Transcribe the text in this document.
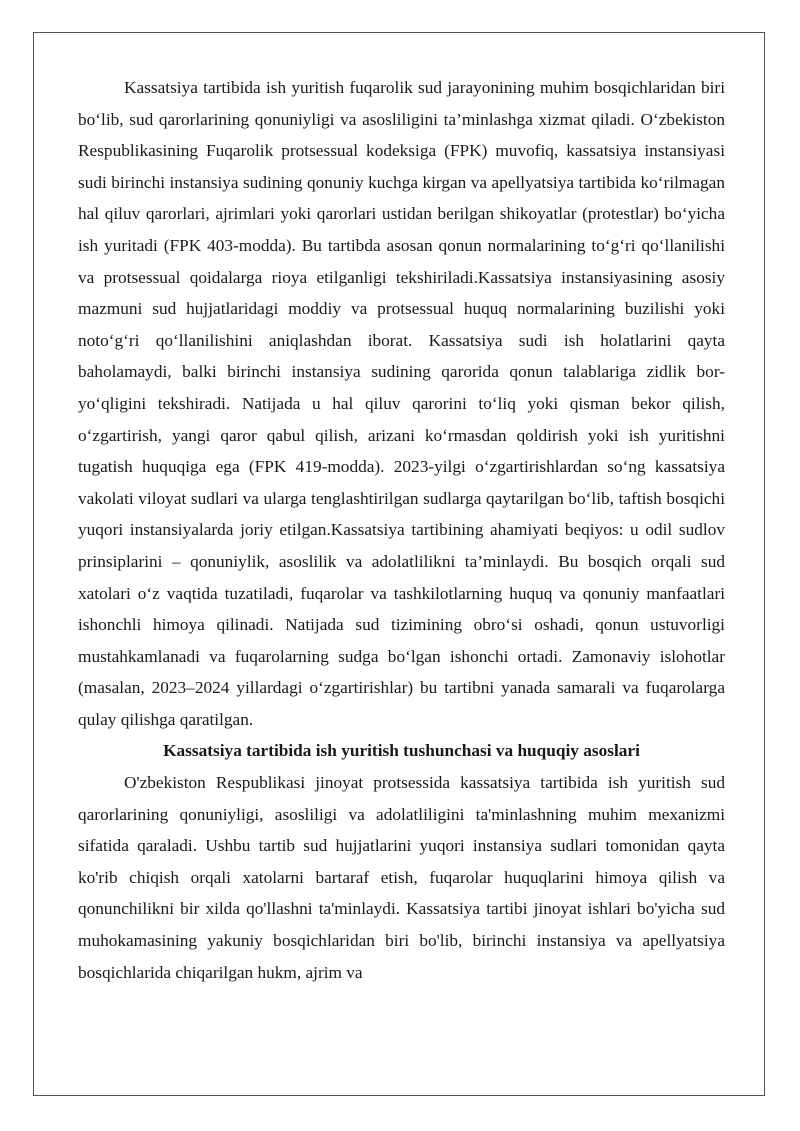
Kassatsiya tartibida ish yuritish fuqarolik sud jarayonining muhim bosqichlaridan biri bo‘lib, sud qarorlarining qonuniyligi va asosliligini ta’minlashga xizmat qiladi. O‘zbekiston Respublikasining Fuqarolik protsessual kodeksiga (FPK) muvofiq, kassatsiya instansiyasi sudi birinchi instansiya sudining qonuniy kuchga kirgan va apellyatsiya tartibida ko‘rilmagan hal qiluv qarorlari, ajrimlari yoki qarorlari ustidan berilgan shikoyatlar (protestlar) bo‘yicha ish yuritadi (FPK 403-modda). Bu tartibda asosan qonun normalarining to‘g‘ri qo‘llanilishi va protsessual qoidalarga rioya etilganligi tekshiriladi.Kassatsiya instansiyasining asosiy mazmuni sud hujjatlaridagi moddiy va protsessual huquq normalarining buzilishi yoki noto‘g‘ri qo‘llanilishini aniqlashdan iborat. Kassatsiya sudi ish holatlarini qayta baholamaydi, balki birinchi instansiya sudining qarorida qonun talablariga zidlik bor-yo‘qligini tekshiradi. Natijada u hal qiluv qarorini to‘liq yoki qisman bekor qilish, o‘zgartirish, yangi qaror qabul qilish, arizani ko‘rmasdan qoldirish yoki ish yuritishni tugatish huquqiga ega (FPK 419-modda). 2023-yilgi o‘zgartirishlardan so‘ng kassatsiya vakolati viloyat sudlari va ularga tenglashtirilgan sudlarga qaytarilgan bo‘lib, taftish bosqichi yuqori instansiyalarda joriy etilgan.Kassatsiya tartibining ahamiyati beqiyos: u odil sudlov prinsiplarini – qonuniylik, asoslilik va adolatlilikni ta’minlaydi. Bu bosqich orqali sud xatolari o‘z vaqtida tuzatiladi, fuqarolar va tashkilotlarning huquq va qonuniy manfaatlari ishonchli himoya qilinadi. Natijada sud tizimining obro‘si oshadi, qonun ustuvorligi mustahkamlanadi va fuqarolarning sudga bo‘lgan ishonchi ortadi. Zamonaviy islohotlar (masalan, 2023–2024 yillardagi o‘zgartirishlar) bu tartibni yanada samarali va fuqarolarga qulay qilishga qaratilgan.

Kassatsiya tartibida ish yuritish tushunchasi va huquqiy asoslari

O'zbekiston Respublikasi jinoyat protsessida kassatsiya tartibida ish yuritish sud qarorlarining qonuniyligi, asosliligi va adolatliligini ta'minlashning muhim mexanizmi sifatida qaraladi. Ushbu tartib sud hujjatlarini yuqori instansiya sudlari tomonidan qayta ko'rib chiqish orqali xatolarni bartaraf etish, fuqarolar huquqlarini himoya qilish va qonunchilikni bir xilda qo'llashni ta'minlaydi. Kassatsiya tartibi jinoyat ishlari bo'yicha sud muhokamasining yakuniy bosqichlaridan biri bo'lib, birinchi instansiya va apellyatsiya bosqichlarida chiqarilgan hukm, ajrim va
